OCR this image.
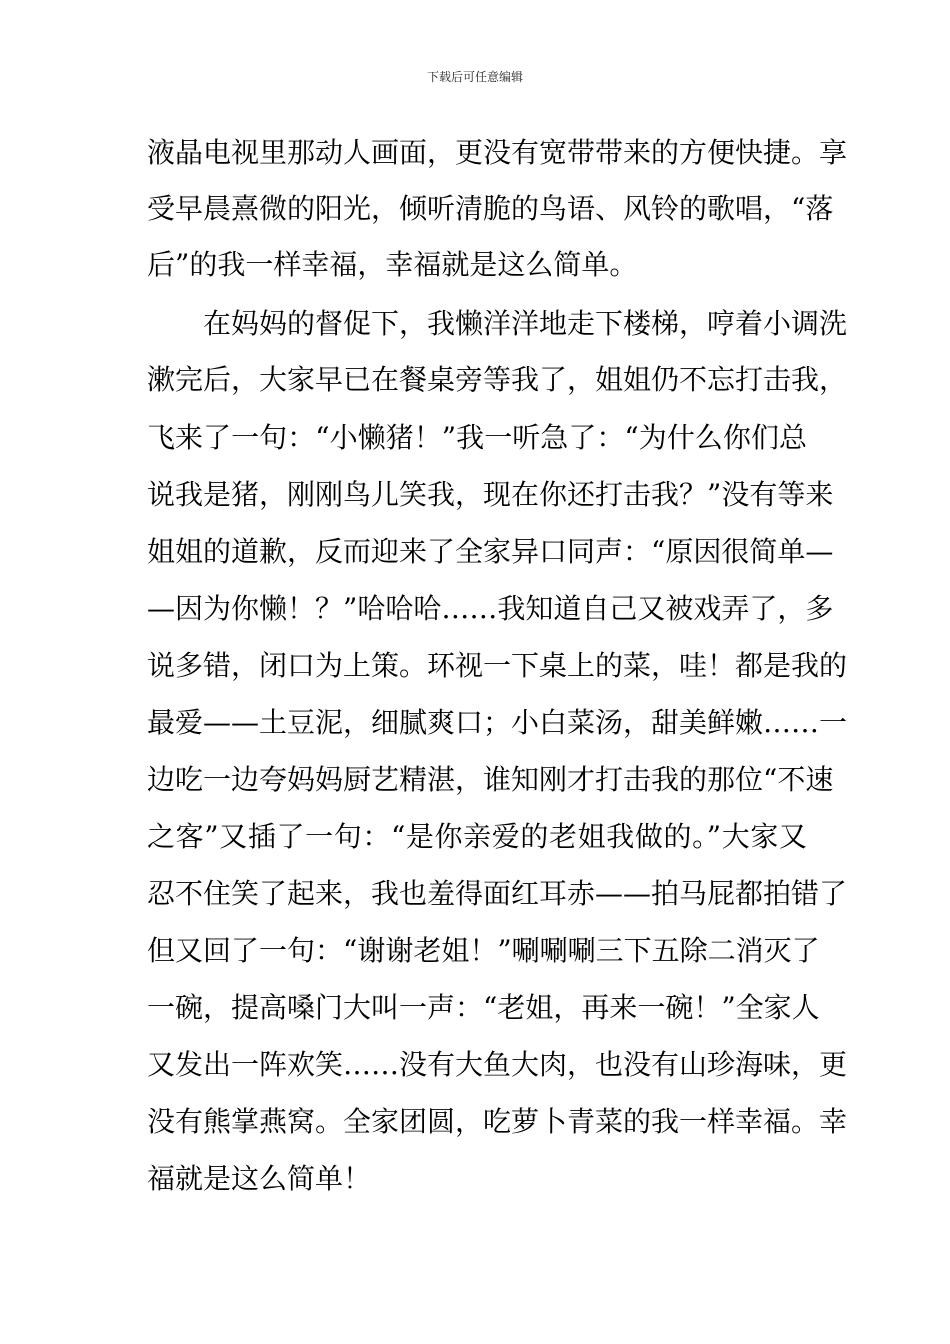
下载后可任意编辑
液晶电视里那动人画面，更没有宽带带来的方便快捷。享
受早晨熹微的阳光，倾听清脆的鸟语、风铃的歌唱，“落
后”的我一样幸福，幸福就是这么简单。
在妈妈的督促下，我懒洋洋地走下楼梯，哼着小调洗
漱完后，大家早已在餐桌旁等我了，姐姐仍不忘打击我，
飞来了一句：“小懒猪！”我一听急了：“为什么你们总
说我是猪，刚刚鸟儿笑我，现在你还打击我？”没有等来
姐姐的道歉，反而迎来了全家异口同声：“原因很简单—
—因为你懒！？”哈哈哈……我知道自己又被戏弄了，多
说多错，闭口为上策。环视一下桌上的菜，哇！都是我的
最爱——土豆泥，细腻爽口；小白菜汤，甜美鲜嫩……一
边吃一边夸妈妈厨艺精湛，谁知刚才打击我的那位“不速
之客”又插了一句：“是你亲爱的老姐我做的。”大家又
忍不住笑了起来，我也羞得面红耳赤——拍马屁都拍错了
但又回了一句：“谢谢老姐！”唰唰唰三下五除二消灭了
一碗，提高嗓门大叫一声：“老姐，再来一碗！”全家人
又发出一阵欢笑……没有大鱼大肉，也没有山珍海味，更
没有熊掌燕窝。全家团圆，吃萝卜青菜的我一样幸福。幸
福就是这么简单！
